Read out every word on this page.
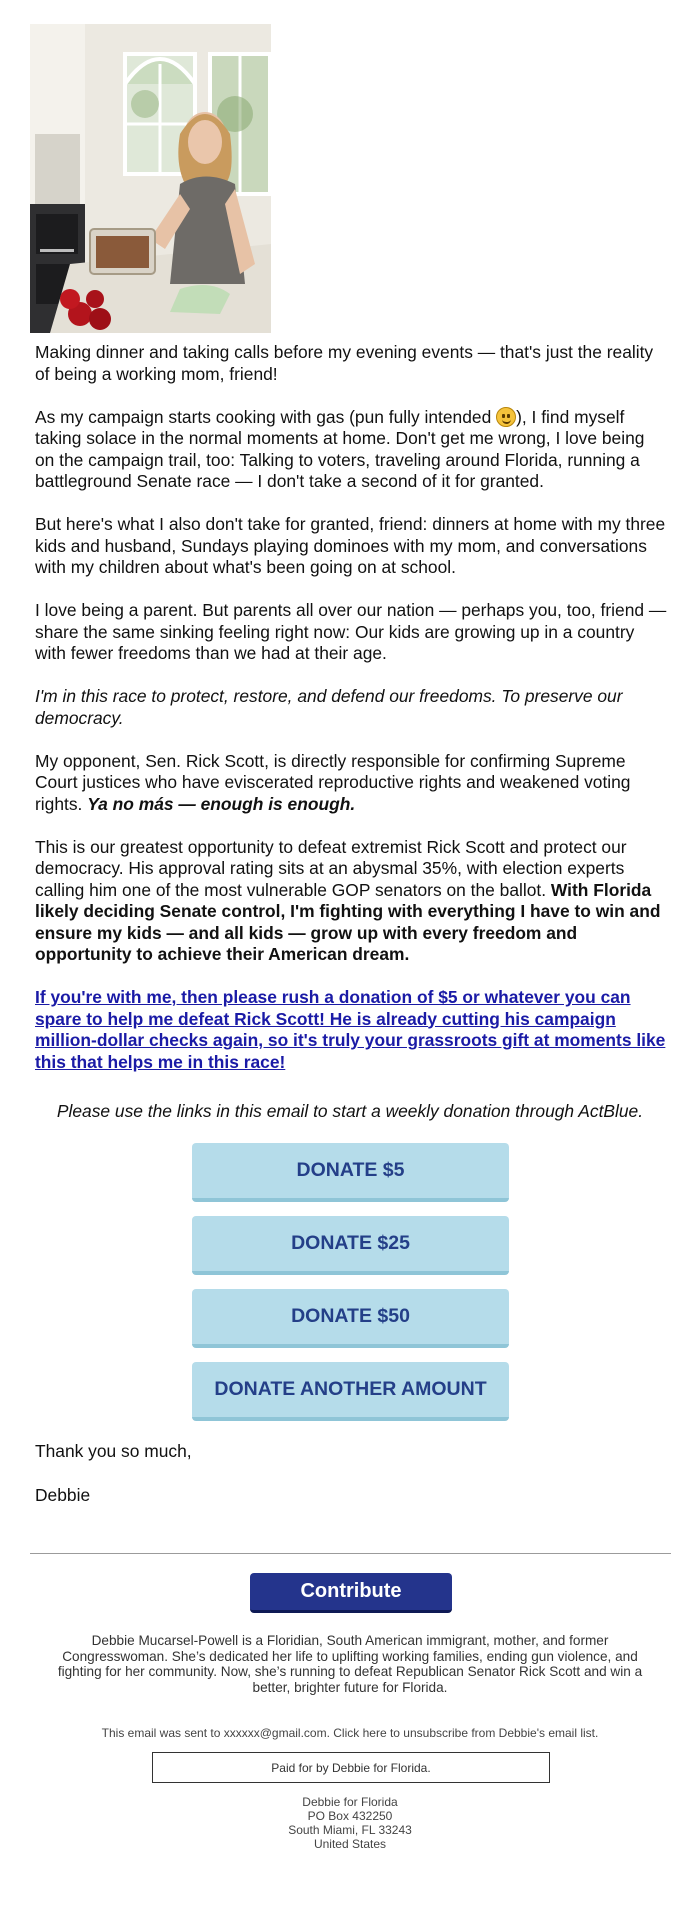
Making dinner and taking calls before my evening events — that's just the reality of being a working mom, friend!

As my campaign starts cooking with gas (pun fully intended
), I find myself taking solace in the normal moments at home. Don't get me wrong, I love being on the campaign trail, too: Talking to voters, traveling around Florida, running a battleground Senate race — I don't take a second of it for granted.

But here's what I also don't take for granted, friend: dinners at home with my three kids and husband, Sundays playing dominoes with my mom, and conversations with my children about what's been going on at school.

I love being a parent. But parents all over our nation — perhaps you, too, friend — share the same sinking feeling right now: Our kids are growing up in a country with fewer freedoms than we had at their age.

I'm in this race to protect, restore, and defend our freedoms. To preserve our democracy.

My opponent, Sen. Rick Scott, is directly responsible for confirming Supreme Court justices who have eviscerated reproductive rights and weakened voting rights. Ya no más — enough is enough.

This is our greatest opportunity to defeat extremist Rick Scott and protect our democracy. His approval rating sits at an abysmal 35%, with election experts calling him one of the most vulnerable GOP senators on the ballot. With Florida likely deciding Senate control, I'm fighting with everything I have to win and ensure my kids — and all kids — grow up with every freedom and opportunity to achieve their American dream.

If you're with me, then please rush a donation of $5 or whatever you can spare to help me defeat Rick Scott! He is already cutting his campaign million-dollar checks again, so it's truly your grassroots gift at moments like this that helps me in this race!

Please use the links in this email to start a weekly donation through ActBlue.
DONATE $5
DONATE $25
DONATE $50
DONATE ANOTHER AMOUNT
Thank you so much,
Debbie
Contribute
Debbie Mucarsel-Powell is a Floridian, South American immigrant, mother, and former Congresswoman. She’s dedicated her life to uplifting working families, ending gun violence, and fighting for her community. Now, she’s running to defeat Republican Senator Rick Scott and win a better, brighter future for Florida.
This email was sent to xxxxxx@gmail.com. Click here to unsubscribe from Debbie's email list.
Paid for by Debbie for Florida.
Debbie for Florida
PO Box 432250
South Miami, FL 33243
United States
